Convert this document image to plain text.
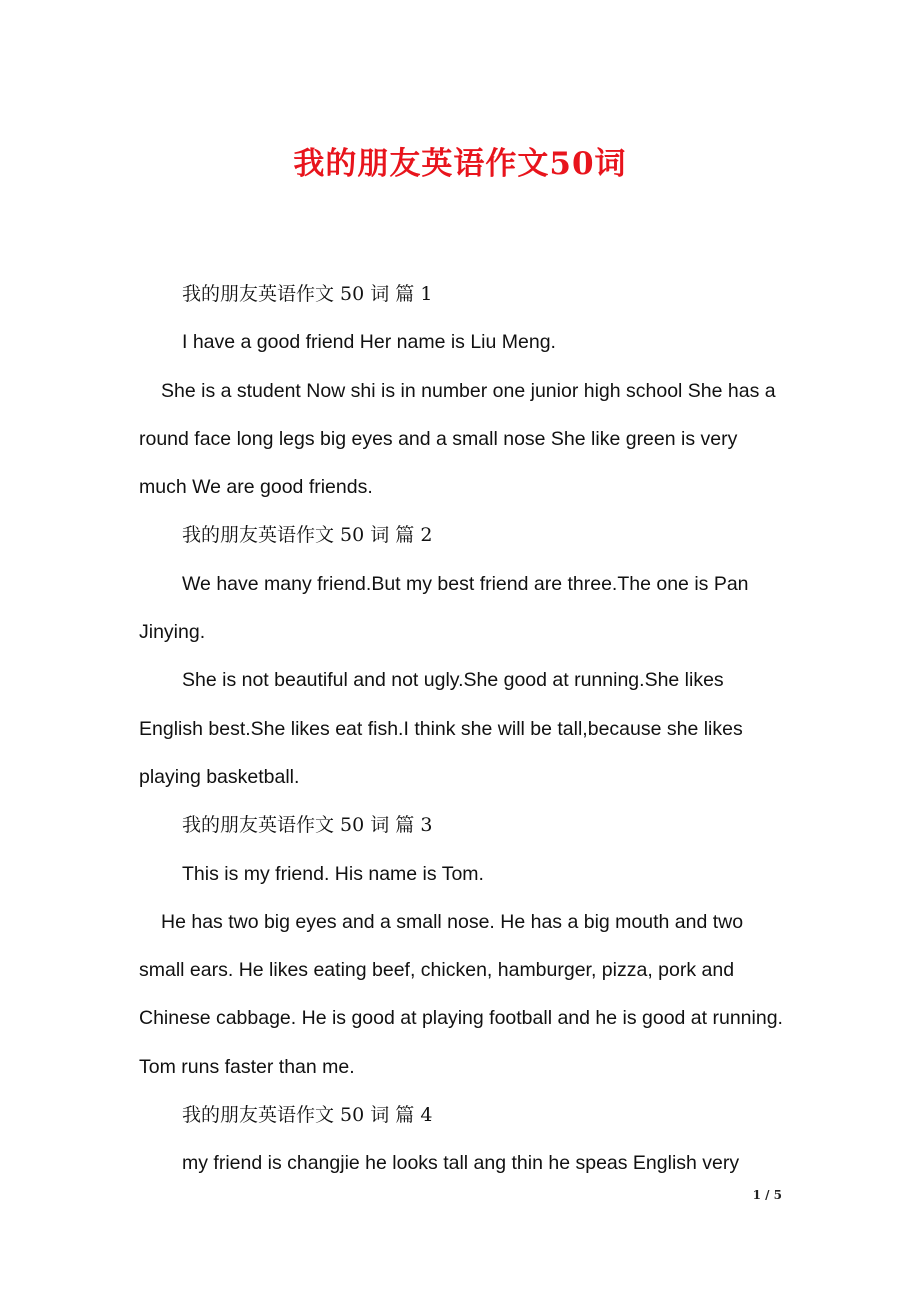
我的朋友英语作文50词

我的朋友英语作文 50 词 篇 1

I have a good friend Her name is Liu Meng.

She is a student Now shi is in number one junior high school She has a round face long legs big eyes and a small nose She like green is very much We are good friends.

我的朋友英语作文 50 词 篇 2

We have many friend.But my best friend are three.The one is Pan Jinying.

She is not beautiful and not ugly.She good at running.She likes English best.She likes eat fish.I think she will be tall,because she likes playing basketball.

我的朋友英语作文 50 词 篇 3

This is my friend. His name is Tom.

He has two big eyes and a small nose. He has a big mouth and two small ears. He likes eating beef, chicken, hamburger, pizza, pork and Chinese cabbage. He is good at playing football and he is good at running. Tom runs faster than me.

我的朋友英语作文 50 词 篇 4

my friend is changjie he looks tall ang thin he speas English very

1 / 5
